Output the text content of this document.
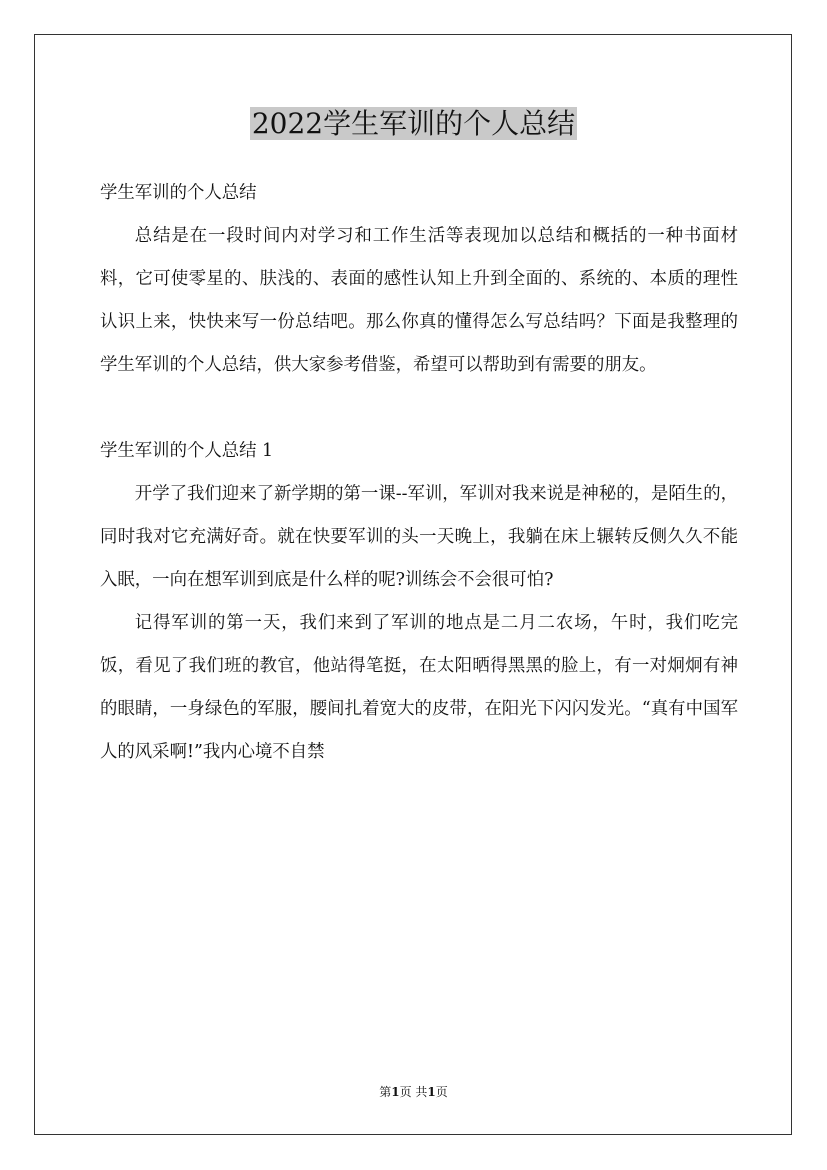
2022学生军训的个人总结

学生军训的个人总结

总结是在一段时间内对学习和工作生活等表现加以总结和概括的一种书面材料，它可使零星的、肤浅的、表面的感性认知上升到全面的、系统的、本质的理性认识上来，快快来写一份总结吧。那么你真的懂得怎么写总结吗？下面是我整理的学生军训的个人总结，供大家参考借鉴，希望可以帮助到有需要的朋友。

学生军训的个人总结 1

开学了我们迎来了新学期的第一课--军训，军训对我来说是神秘的，是陌生的，同时我对它充满好奇。就在快要军训的头一天晚上，我躺在床上辗转反侧久久不能入眠，一向在想军训到底是什么样的呢?训练会不会很可怕?

记得军训的第一天，我们来到了军训的地点是二月二农场，午时，我们吃完饭，看见了我们班的教官，他站得笔挺，在太阳晒得黑黑的脸上，有一对炯炯有神的眼睛，一身绿色的军服，腰间扎着宽大的皮带，在阳光下闪闪发光。“真有中国军人的风采啊!”我内心境不自禁

第1页 共1页
